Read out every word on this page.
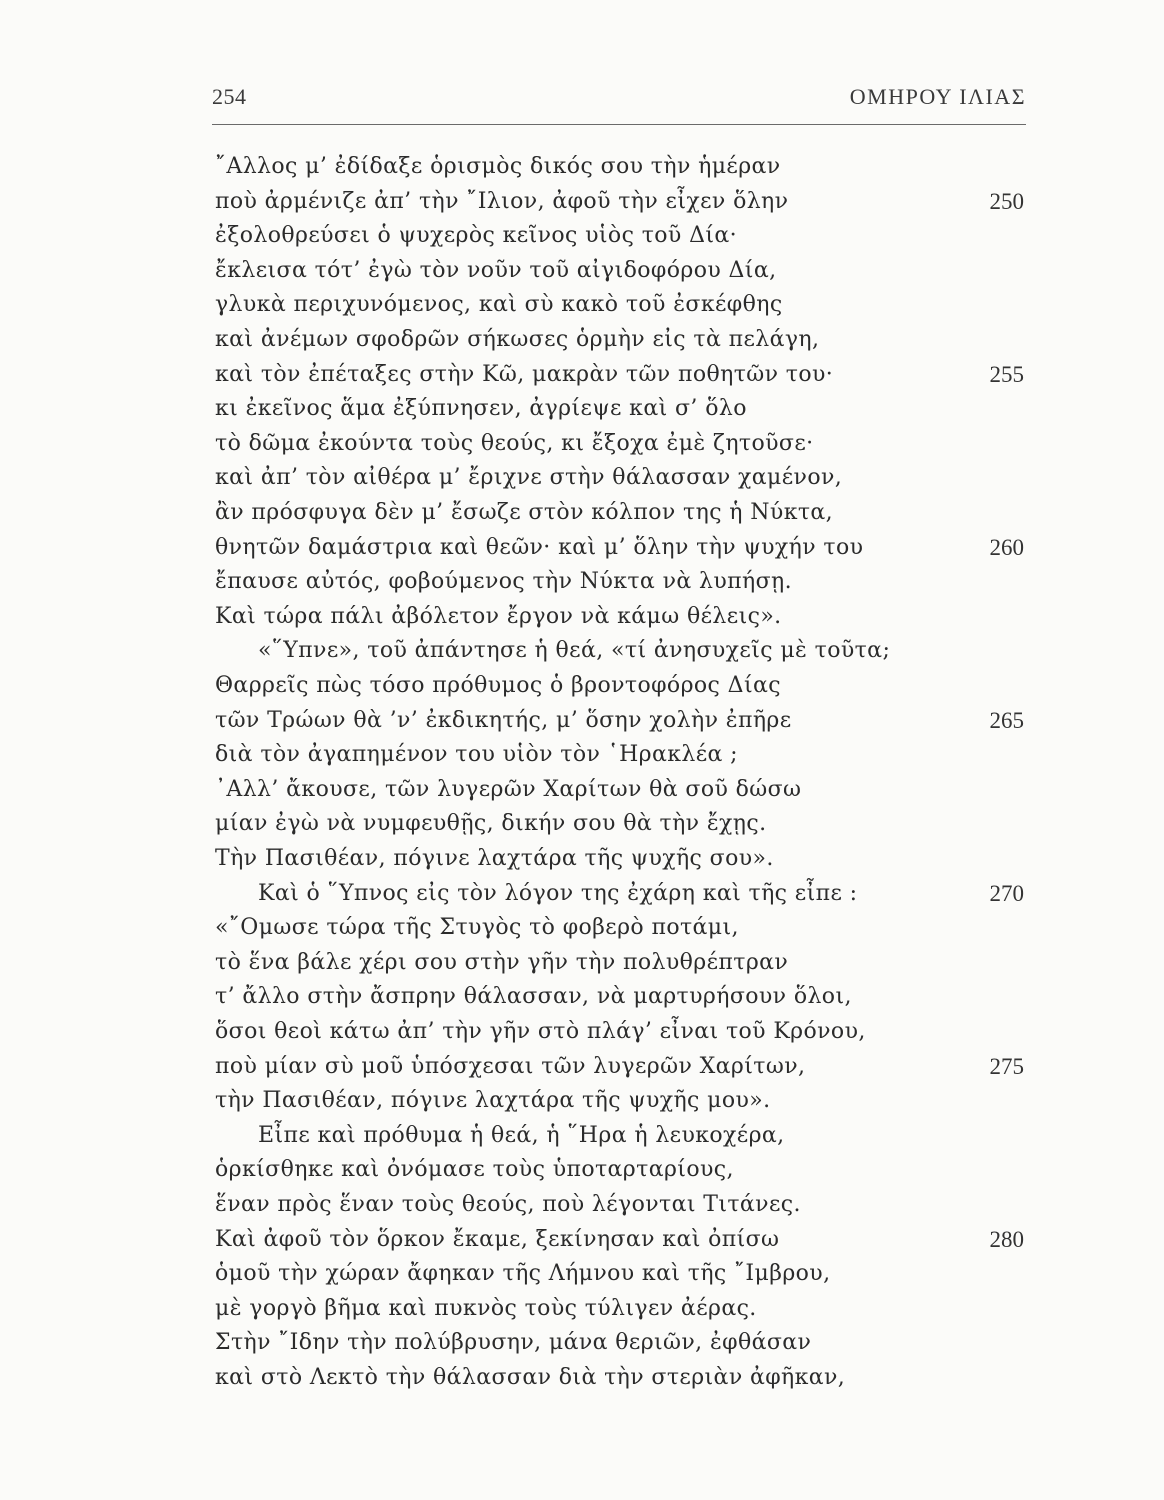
254	ΟΜΗΡΟΥ ΙΛΙΑΣ
῎Αλλος μ’ ἐδίδαξε ὁρισμὸς δικός σου τὴν ἡμέραν
ποὺ ἀρμένιζε ἀπ’ τὴν ῎Ιλιον, ἀφοῦ τὴν εἶχεν ὅλην	250
ἐξολοθρεύσει ὁ ψυχερὸς κεῖνος υἱὸς τοῦ Δία·
ἔκλεισα τότ’ ἐγὼ τὸν νοῦν τοῦ αἰγιδοφόρου Δία,
γλυκὰ περιχυνόμενος, καὶ σὺ κακὸ τοῦ ἐσκέφθης
καὶ ἀνέμων σφοδρῶν σήκωσες ὁρμὴν εἰς τὰ πελάγη,
καὶ τὸν ἐπέταξες στὴν Κῶ, μακρὰν τῶν ποθητῶν του·	255
κι ἐκεῖνος ἅμα ἐξύπνησεν, ἀγρίεψε καὶ σ’ ὅλο
τὸ δῶμα ἐκούντα τοὺς θεούς, κι ἔξοχα ἐμὲ ζητοῦσε·
καὶ ἀπ’ τὸν αἰθέρα μ’ ἔριχνε στὴν θάλασσαν χαμένον,
ἂν πρόσφυγα δὲν μ’ ἔσωζε στὸν κόλπον της ἡ Νύκτα,
θνητῶν δαμάστρια καὶ θεῶν· καὶ μ’ ὅλην τὴν ψυχήν του	260
ἔπαυσε αὐτός, φοβούμενος τὴν Νύκτα νὰ λυπήσῃ.
Καὶ τώρα πάλι ἀβόλετον ἔργον νὰ κάμω θέλεις».
«῞Υπνε», τοῦ ἀπάντησε ἡ θεά, «τί ἀνησυχεῖς μὲ τοῦτα;
Θαρρεῖς πὼς τόσο πρόθυμος ὁ βροντοφόρος Δίας
τῶν Τρώων θὰ ’ν’ ἐκδικητής, μ’ ὅσην χολὴν ἐπῆρε	265
διὰ τὸν ἀγαπημένον του υἱὸν τὸν ῾Ηρακλέα ;
᾿Αλλ’ ἄκουσε, τῶν λυγερῶν Χαρίτων θὰ σοῦ δώσω
μίαν ἐγὼ νὰ νυμφευθῇς, δικήν σου θὰ τὴν ἔχῃς.
Τὴν Πασιθέαν, πόγινε λαχτάρα τῆς ψυχῆς σου».
Καὶ ὁ ῞Υπνος εἰς τὸν λόγον της ἐχάρη καὶ τῆς εἶπε :	270
«῎Ομωσε τώρα τῆς Στυγὸς τὸ φοβερὸ ποτάμι,
τὸ ἕνα βάλε χέρι σου στὴν γῆν τὴν πολυθρέπτραν
τ’ ἄλλο στὴν ἄσπρην θάλασσαν, νὰ μαρτυρήσουν ὅλοι,
ὅσοι θεοὶ κάτω ἀπ’ τὴν γῆν στὸ πλάγ’ εἶναι τοῦ Κρόνου,
ποὺ μίαν σὺ μοῦ ὑπόσχεσαι τῶν λυγερῶν Χαρίτων,	275
τὴν Πασιθέαν, πόγινε λαχτάρα τῆς ψυχῆς μου».
Εἶπε καὶ πρόθυμα ἡ θεά, ἡ ῞Ηρα ἡ λευκοχέρα,
ὁρκίσθηκε καὶ ὀνόμασε τοὺς ὑποταρταρίους,
ἕναν πρὸς ἕναν τοὺς θεούς, ποὺ λέγονται Τιτάνες.
Καὶ ἀφοῦ τὸν ὅρκον ἔκαμε, ξεκίνησαν καὶ ὀπίσω	280
ὁμοῦ τὴν χώραν ἄφηκαν τῆς Λήμνου καὶ τῆς ῎Ιμβρου,
μὲ γοργὸ βῆμα καὶ πυκνὸς τοὺς τύλιγεν ἀέρας.
Στὴν ῎Ιδην τὴν πολύβρυσην, μάνα θεριῶν, ἐφθάσαν
καὶ στὸ Λεκτὸ τὴν θάλασσαν διὰ τὴν στεριὰν ἀφῆκαν,
